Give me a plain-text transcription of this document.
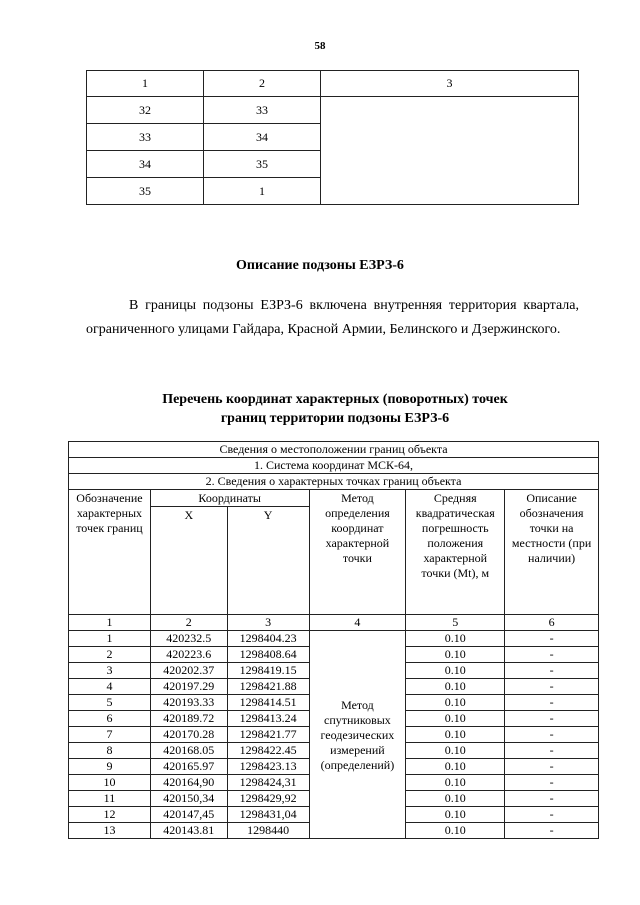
58
1	2	3
32	33	
33	34	
34	35	
35	1	
Описание подзоны ЕЗРЗ-6
В границы подзоны ЕЗРЗ-6 включена внутренняя территория квартала, ограниченного улицами Гайдара, Красной Армии, Белинского и Дзержинского.
Перечень координат характерных (поворотных) точек
границ территории подзоны ЕЗРЗ-6
Сведения о местоположении границ объекта					
1. Система координат МСК-64,					
2. Сведения о характерных точках границ объекта					
Обозначение характерных точек границ	Координаты		Метод определения координат характерной точки	Средняя квадратическая погрешность положения характерной точки (Mt), м	Описание обозначения точки на местности (при наличии)
	X	Y			
1	2	3	4	5	6
1	420232.5	1298404.23	Метод спутниковых геодезических измерений (определений)	0.10	-
2	420223.6	1298408.64		0.10	-
3	420202.37	1298419.15		0.10	-
4	420197.29	1298421.88		0.10	-
5	420193.33	1298414.51		0.10	-
6	420189.72	1298413.24		0.10	-
7	420170.28	1298421.77		0.10	-
8	420168.05	1298422.45		0.10	-
9	420165.97	1298423.13		0.10	-
10	420164,90	1298424,31		0.10	-
11	420150,34	1298429,92		0.10	-
12	420147,45	1298431,04		0.10	-
13	420143.81	1298440		0.10	-
